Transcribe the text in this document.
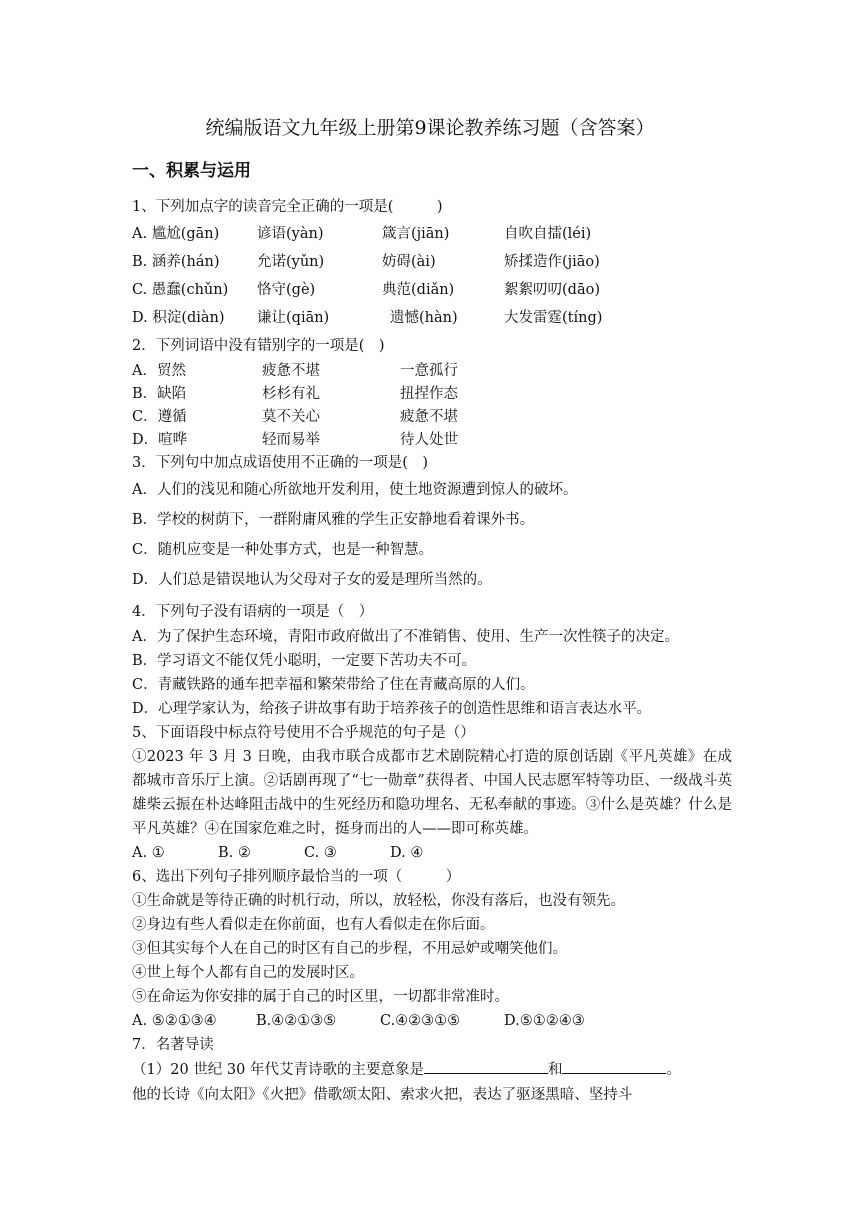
统编版语文九年级上册第9课论教养练习题（含答案）
一、积累与运用
1、下列加点字的读音完全正确的一项是(　　　)
A. 尴尬(gān)	谚语(yàn)	箴言(jiān)	自吹自擂(léi)
B. 涵养(hán)	允诺(yǔn)	妨碍(ài)	矫揉造作(jiāo)
C. 愚蠢(chǔn)	恪守(gè)	典范(diǎn)	絮絮叨叨(dāo)
D. 积淀(diàn)	谦让(qiān)	遗憾(hàn)	大发雷霆(tíng)
2．下列词语中没有错别字的一项是(　)
A．贸然	疲惫不堪	一意孤行
B．缺陷	杉杉有礼	扭捏作态
C．遵循	莫不关心	疲惫不堪
D．喧哗	轻而易举	待人处世
3．下列句中加点成语使用不正确的一项是(　)
A．人们的浅见和随心所欲地开发利用，使土地资源遭到惊人的破坏。
B．学校的树荫下，一群附庸风雅的学生正安静地看着课外书。
C．随机应变是一种处事方式，也是一种智慧。
D．人们总是错误地认为父母对子女的爱是理所当然的。
4．下列句子没有语病的一项是（　）
A．为了保护生态环境，青阳市政府做出了不准销售、使用、生产一次性筷子的决定。
B．学习语文不能仅凭小聪明，一定要下苦功夫不可。
C．青藏铁路的通车把幸福和繁荣带给了住在青藏高原的人们。
D．心理学家认为，给孩子讲故事有助于培养孩子的创造性思维和语言表达水平。
5、下面语段中标点符号使用不合乎规范的句子是（）
①2023 年 3 月 3 日晚，由我市联合成都市艺术剧院精心打造的原创话剧《平凡英雄》在成都城市音乐厅上演。②话剧再现了“七一勋章”获得者、中国人民志愿军特等功臣、一级战斗英雄柴云振在朴达峰阻击战中的生死经历和隐功埋名、无私奉献的事迹。③什么是英雄？什么是平凡英雄？④在国家危难之时，挺身而出的人——即可称英雄。
A. ①	B. ②	C. ③	D. ④
6、选出下列句子排列顺序最恰当的一项（　　　）
①生命就是等待正确的时机行动，所以，放轻松，你没有落后，也没有领先。
②身边有些人看似走在你前面，也有人看似走在你后面。
③但其实每个人在自己的时区有自己的步程，不用忌妒或嘲笑他们。
④世上每个人都有自己的发展时区。
⑤在命运为你安排的属于自己的时区里，一切都非常准时。
A. ⑤②①③④	B.④②①③⑤	C.④②③①⑤	D.⑤①②④③
7．名著导读
（1）20 世纪 30 年代艾青诗歌的主要意象是	和	。
他的长诗《向太阳》《火把》借歌颂太阳、索求火把，表达了驱逐黑暗、坚持斗
